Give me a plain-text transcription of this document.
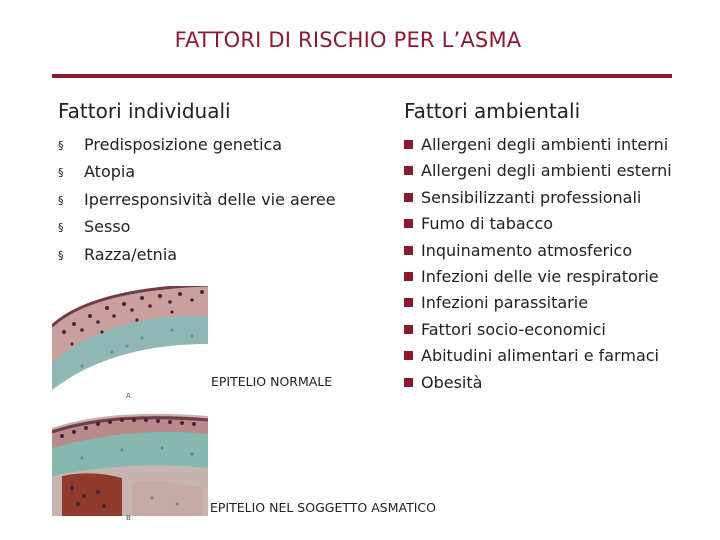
FATTORI DI RISCHIO PER L’ASMA
Fattori individuali	Fattori ambientali
§ Predisposizione genetica
§ Atopia
§ Iperresponsività delle vie aeree
§ Sesso
§ Razza/etnia
Allergeni degli ambienti interni
Allergeni degli ambienti esterni
Sensibilizzanti professionali
Fumo di tabacco
Inquinamento atmosferico
Infezioni delle vie respiratorie
Infezioni parassitarie
Fattori socio-economici
Abitudini alimentari e farmaci
Obesità
A
EPITELIO NORMALE
B
EPITELIO NEL SOGGETTO ASMATICO
